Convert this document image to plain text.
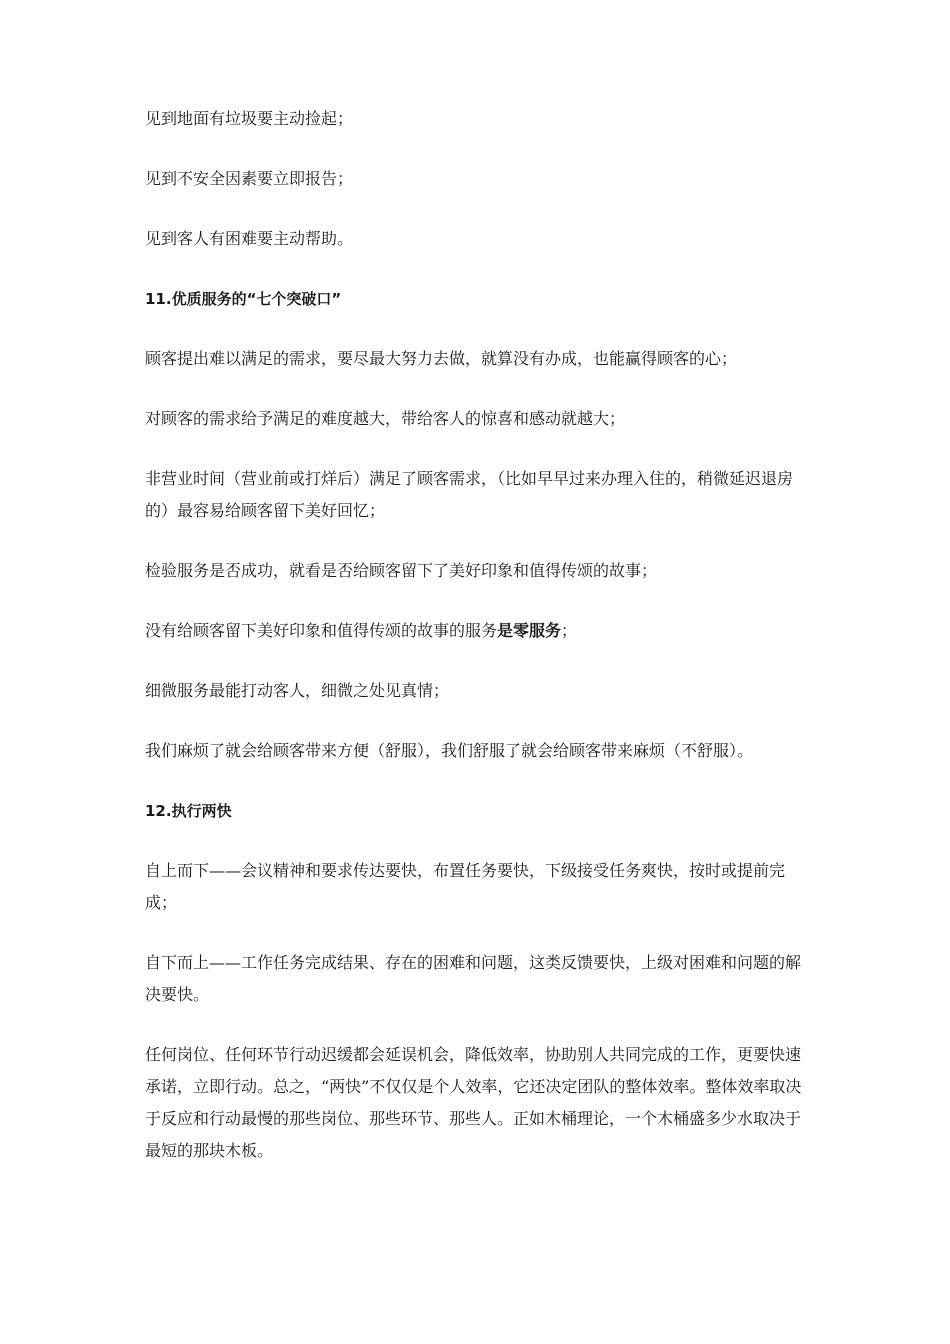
见到地面有垃圾要主动捡起；

见到不安全因素要立即报告；

见到客人有困难要主动帮助。

11.优质服务的“七个突破口”

顾客提出难以满足的需求，要尽最大努力去做，就算没有办成，也能赢得顾客的心；

对顾客的需求给予满足的难度越大，带给客人的惊喜和感动就越大；

非营业时间（营业前或打烊后）满足了顾客需求，（比如早早过来办理入住的，稍微延迟退房的）最容易给顾客留下美好回忆；

检验服务是否成功，就看是否给顾客留下了美好印象和值得传颂的故事；

没有给顾客留下美好印象和值得传颂的故事的服务是零服务；

细微服务最能打动客人，细微之处见真情；

我们麻烦了就会给顾客带来方便（舒服），我们舒服了就会给顾客带来麻烦（不舒服）。

12.执行两快

自上而下——会议精神和要求传达要快，布置任务要快，下级接受任务爽快，按时或提前完成；

自下而上——工作任务完成结果、存在的困难和问题，这类反馈要快，上级对困难和问题的解决要快。

任何岗位、任何环节行动迟缓都会延误机会，降低效率，协助别人共同完成的工作，更要快速承诺，立即行动。总之，“两快”不仅仅是个人效率，它还决定团队的整体效率。整体效率取决于反应和行动最慢的那些岗位、那些环节、那些人。正如木桶理论，一个木桶盛多少水取决于最短的那块木板。
